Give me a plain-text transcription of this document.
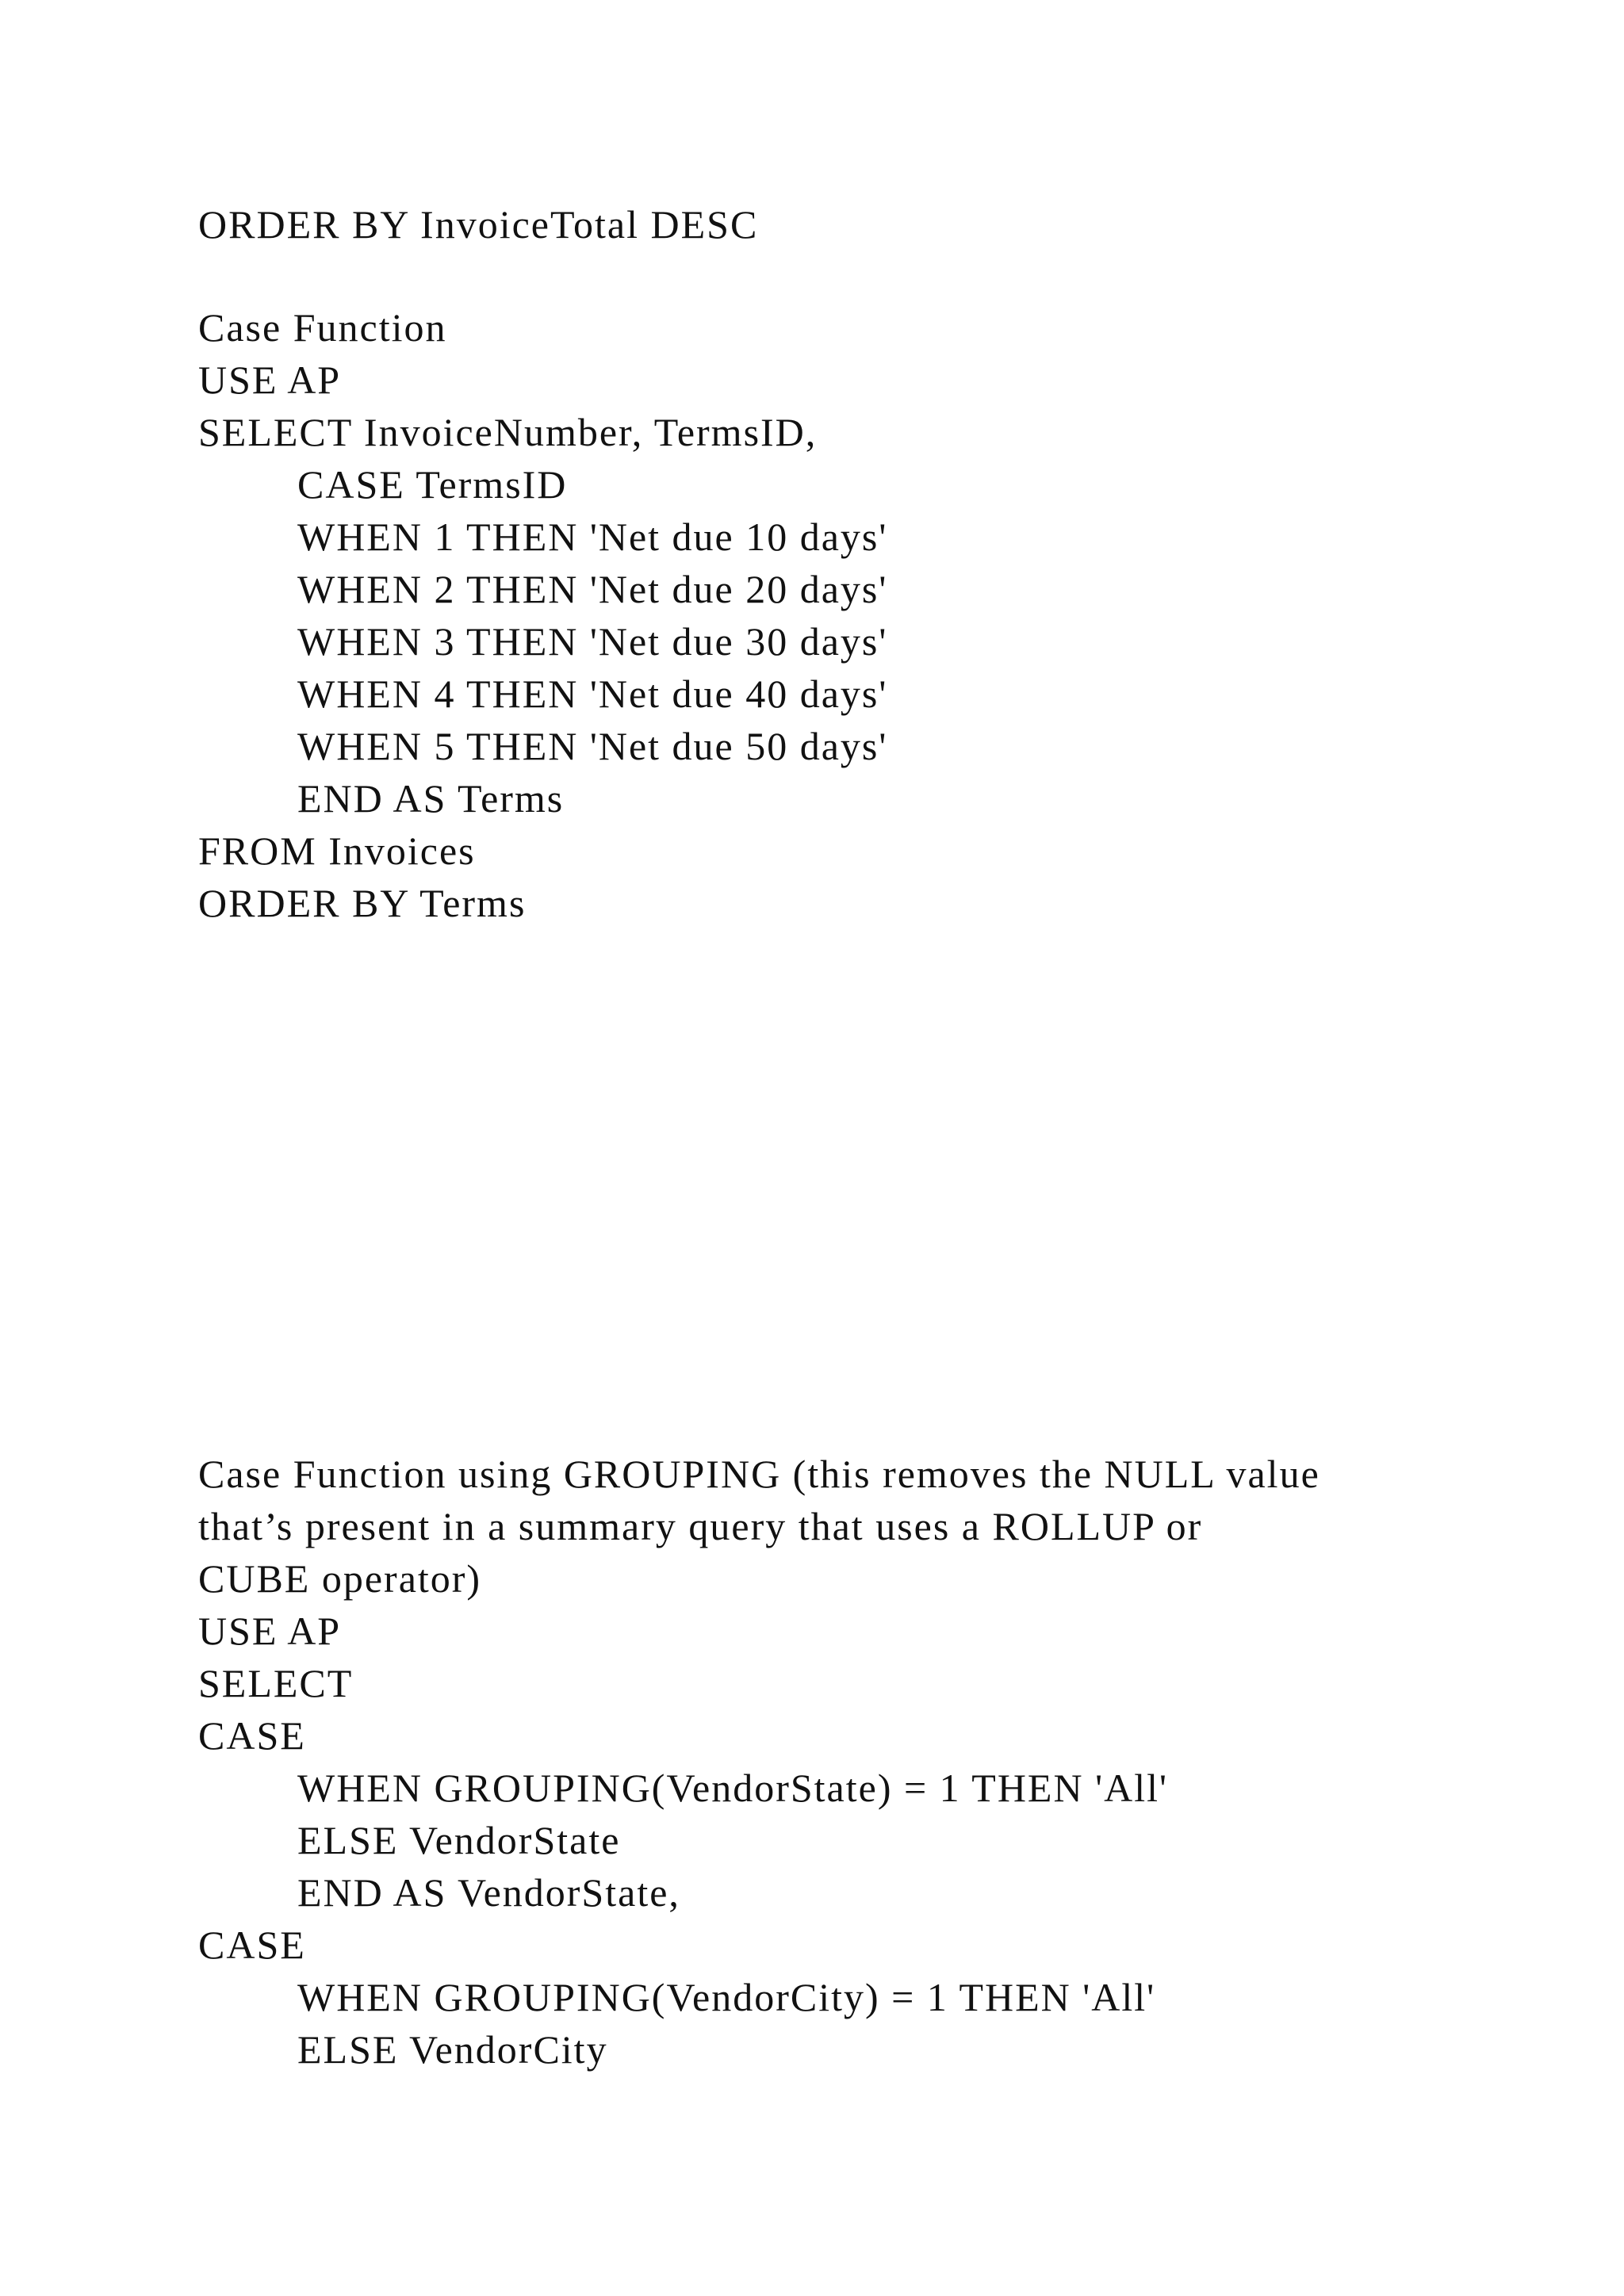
ORDER BY InvoiceTotal DESC
Case Function
USE AP
SELECT InvoiceNumber, TermsID,
CASE TermsID
WHEN 1 THEN 'Net due 10 days'
WHEN 2 THEN 'Net due 20 days'
WHEN 3 THEN 'Net due 30 days'
WHEN 4 THEN 'Net due 40 days'
WHEN 5 THEN 'Net due 50 days'
END AS Terms
FROM Invoices
ORDER BY Terms
Case Function using GROUPING (this removes the NULL value
that’s present in a summary query that uses a ROLLUP or
CUBE operator)
USE AP
SELECT
CASE
WHEN GROUPING(VendorState) = 1 THEN 'All'
ELSE VendorState
END AS VendorState,
CASE
WHEN GROUPING(VendorCity) = 1 THEN 'All'
ELSE VendorCity
